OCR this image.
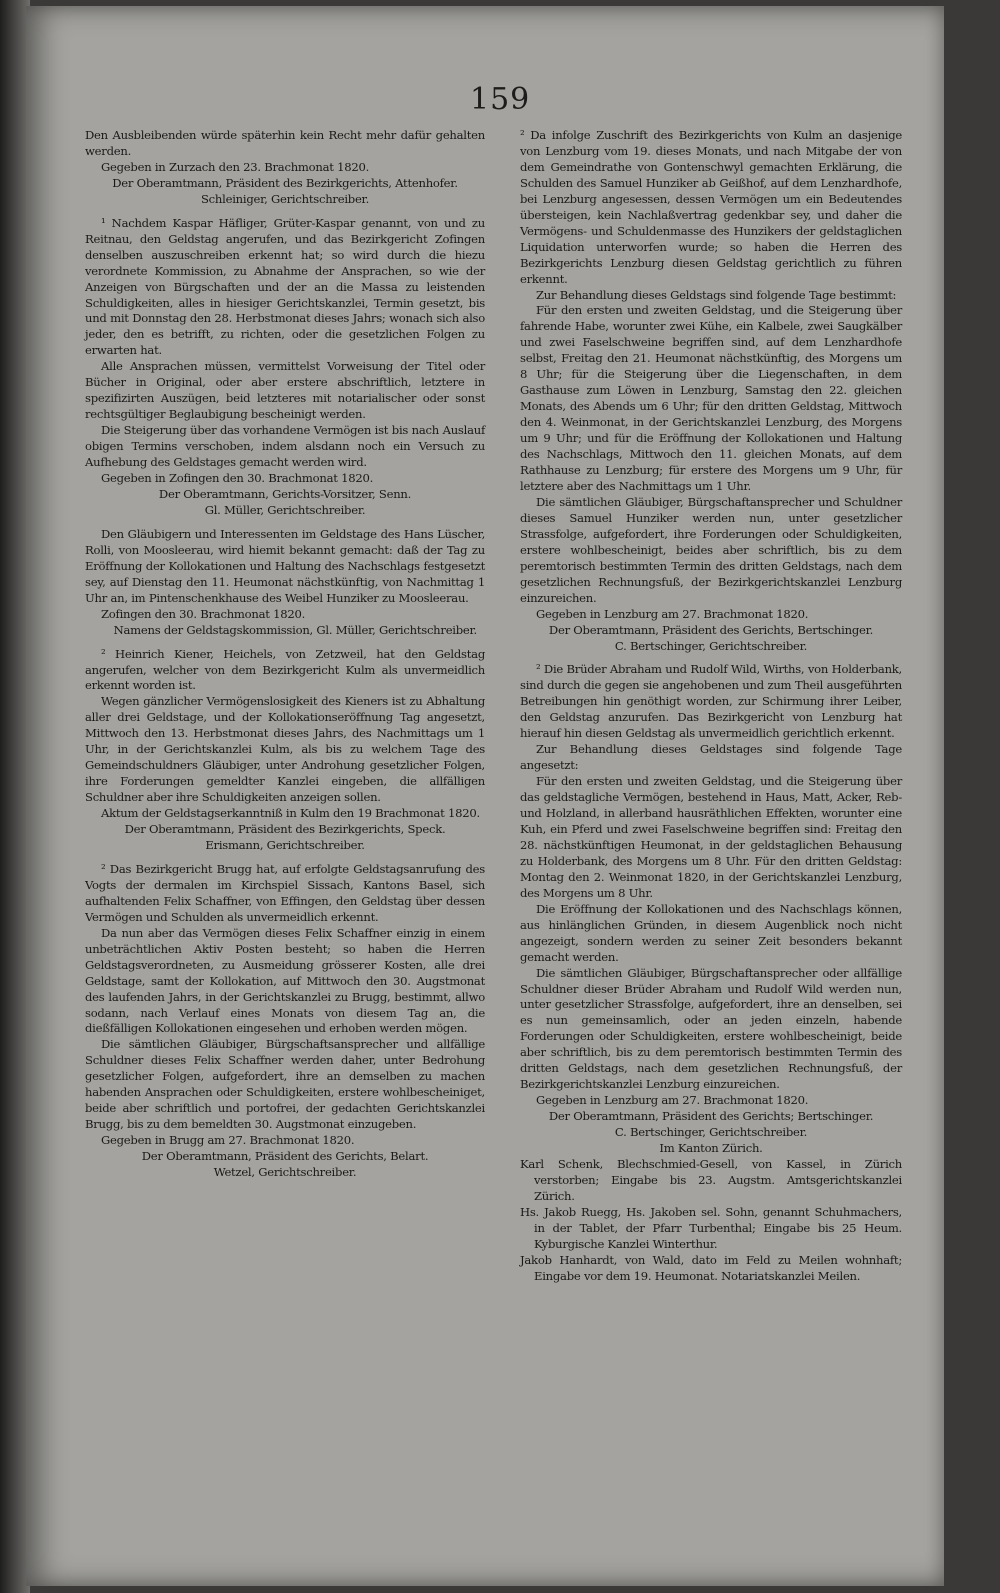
159

Den Ausbleibenden würde späterhin kein Recht mehr dafür gehalten werden.

Gegeben in Zurzach den 23. Brachmonat 1820.

Der Oberamtmann, Präsident des Bezirkgerichts, Attenhofer.

Schleiniger, Gerichtschreiber.

¹ Nachdem Kaspar Häfliger, Grüter-Kaspar genannt, von und zu Reitnau, den Geldstag angerufen, und das Bezirkgericht Zofingen denselben auszuschreiben erkennt hat; so wird durch die hiezu verordnete Kommission, zu Abnahme der Ansprachen, so wie der Anzeigen von Bürgschaften und der an die Massa zu leistenden Schuldigkeiten, alles in hiesiger Gerichtskanzlei, Termin gesetzt, bis und mit Donnstag den 28. Herbstmonat dieses Jahrs; wonach sich also jeder, den es betrifft, zu richten, oder die gesetzlichen Folgen zu erwarten hat.

Alle Ansprachen müssen, vermittelst Vorweisung der Titel oder Bücher in Original, oder aber erstere abschriftlich, letztere in spezifizirten Auszügen, beid letzteres mit notarialischer oder sonst rechtsgültiger Beglaubigung bescheinigt werden.

Die Steigerung über das vorhandene Vermögen ist bis nach Auslauf obigen Termins verschoben, indem alsdann noch ein Versuch zu Aufhebung des Geldstages gemacht werden wird.

Gegeben in Zofingen den 30. Brachmonat 1820.

Der Oberamtmann, Gerichts-Vorsitzer, Senn.

Gl. Müller, Gerichtschreiber.

Den Gläubigern und Interessenten im Geldstage des Hans Lüscher, Rolli, von Moosleerau, wird hiemit bekannt gemacht: daß der Tag zu Eröffnung der Kollokationen und Haltung des Nachschlags festgesetzt sey, auf Dienstag den 11. Heumonat nächstkünftig, von Nachmittag 1 Uhr an, im Pintenschenkhause des Weibel Hunziker zu Moosleerau.

Zofingen den 30. Brachmonat 1820.

Namens der Geldstagskommission, Gl. Müller, Gerichtschreiber.

² Heinrich Kiener, Heichels, von Zetzweil, hat den Geldstag angerufen, welcher von dem Bezirkgericht Kulm als unvermeidlich erkennt worden ist.

Wegen gänzlicher Vermögenslosigkeit des Kieners ist zu Abhaltung aller drei Geldstage, und der Kollokationseröffnung Tag angesetzt, Mittwoch den 13. Herbstmonat dieses Jahrs, des Nachmittags um 1 Uhr, in der Gerichtskanzlei Kulm, als bis zu welchem Tage des Gemeindschuldners Gläubiger, unter Androhung gesetzlicher Folgen, ihre Forderungen gemeldter Kanzlei eingeben, die allfälligen Schuldner aber ihre Schuldigkeiten anzeigen sollen.

Aktum der Geldstagserkanntniß in Kulm den 19 Brachmonat 1820.

Der Oberamtmann, Präsident des Bezirkgerichts, Speck.

Erismann, Gerichtschreiber.

² Das Bezirkgericht Brugg hat, auf erfolgte Geldstagsanrufung des Vogts der dermalen im Kirchspiel Sissach, Kantons Basel, sich aufhaltenden Felix Schaffner, von Effingen, den Geldstag über dessen Vermögen und Schulden als unvermeidlich erkennt.

Da nun aber das Vermögen dieses Felix Schaffner einzig in einem unbeträchtlichen Aktiv Posten besteht; so haben die Herren Geldstagsverordneten, zu Ausmeidung grösserer Kosten, alle drei Geldstage, samt der Kollokation, auf Mittwoch den 30. Augstmonat des laufenden Jahrs, in der Gerichtskanzlei zu Brugg, bestimmt, allwo sodann, nach Verlauf eines Monats von diesem Tag an, die dießfälligen Kollokationen eingesehen und erhoben werden mögen.

Die sämtlichen Gläubiger, Bürgschaftsansprecher und allfällige Schuldner dieses Felix Schaffner werden daher, unter Bedrohung gesetzlicher Folgen, aufgefordert, ihre an demselben zu machen habenden Ansprachen oder Schuldigkeiten, erstere wohlbescheiniget, beide aber schriftlich und portofrei, der gedachten Gerichtskanzlei Brugg, bis zu dem bemeldten 30. Augstmonat einzugeben.

Gegeben in Brugg am 27. Brachmonat 1820.

Der Oberamtmann, Präsident des Gerichts, Belart.

Wetzel, Gerichtschreiber.

² Da infolge Zuschrift des Bezirkgerichts von Kulm an dasjenige von Lenzburg vom 19. dieses Monats, und nach Mitgabe der von dem Gemeindrathe von Gontenschwyl gemachten Erklärung, die Schulden des Samuel Hunziker ab Geißhof, auf dem Lenzhardhofe, bei Lenzburg angesessen, dessen Vermögen um ein Bedeutendes übersteigen, kein Nachlaßvertrag gedenkbar sey, und daher die Vermögens- und Schuldenmasse des Hunzikers der geldstaglichen Liquidation unterworfen wurde; so haben die Herren des Bezirkgerichts Lenzburg diesen Geldstag gerichtlich zu führen erkennt.

Zur Behandlung dieses Geldstags sind folgende Tage bestimmt:

Für den ersten und zweiten Geldstag, und die Steigerung über fahrende Habe, worunter zwei Kühe, ein Kalbele, zwei Saugkälber und zwei Faselschweine begriffen sind, auf dem Lenzhardhofe selbst, Freitag den 21. Heumonat nächstkünftig, des Morgens um 8 Uhr; für die Steigerung über die Liegenschaften, in dem Gasthause zum Löwen in Lenzburg, Samstag den 22. gleichen Monats, des Abends um 6 Uhr; für den dritten Geldstag, Mittwoch den 4. Weinmonat, in der Gerichtskanzlei Lenzburg, des Morgens um 9 Uhr; und für die Eröffnung der Kollokationen und Haltung des Nachschlags, Mittwoch den 11. gleichen Monats, auf dem Rathhause zu Lenzburg; für erstere des Morgens um 9 Uhr, für letztere aber des Nachmittags um 1 Uhr.

Die sämtlichen Gläubiger, Bürgschaftansprecher und Schuldner dieses Samuel Hunziker werden nun, unter gesetzlicher Strassfolge, aufgefordert, ihre Forderungen oder Schuldigkeiten, erstere wohlbescheinigt, beides aber schriftlich, bis zu dem peremtorisch bestimmten Termin des dritten Geldstags, nach dem gesetzlichen Rechnungsfuß, der Bezirkgerichtskanzlei Lenzburg einzureichen.

Gegeben in Lenzburg am 27. Brachmonat 1820.

Der Oberamtmann, Präsident des Gerichts, Bertschinger.

C. Bertschinger, Gerichtschreiber.

² Die Brüder Abraham und Rudolf Wild, Wirths, von Holderbank, sind durch die gegen sie angehobenen und zum Theil ausgeführten Betreibungen hin genöthigt worden, zur Schirmung ihrer Leiber, den Geldstag anzurufen. Das Bezirkgericht von Lenzburg hat hierauf hin diesen Geldstag als unvermeidlich gerichtlich erkennt.

Zur Behandlung dieses Geldstages sind folgende Tage angesetzt:

Für den ersten und zweiten Geldstag, und die Steigerung über das geldstagliche Vermögen, bestehend in Haus, Matt, Acker, Reb- und Holzland, in allerband hausräthlichen Effekten, worunter eine Kuh, ein Pferd und zwei Faselschweine begriffen sind: Freitag den 28. nächstkünftigen Heumonat, in der geldstaglichen Behausung zu Holderbank, des Morgens um 8 Uhr. Für den dritten Geldstag: Montag den 2. Weinmonat 1820, in der Gerichtskanzlei Lenzburg, des Morgens um 8 Uhr.

Die Eröffnung der Kollokationen und des Nachschlags können, aus hinlänglichen Gründen, in diesem Augenblick noch nicht angezeigt, sondern werden zu seiner Zeit besonders bekannt gemacht werden.

Die sämtlichen Gläubiger, Bürgschaftansprecher oder allfällige Schuldner dieser Brüder Abraham und Rudolf Wild werden nun, unter gesetzlicher Strassfolge, aufgefordert, ihre an denselben, sei es nun gemeinsamlich, oder an jeden einzeln, habende Forderungen oder Schuldigkeiten, erstere wohlbescheinigt, beide aber schriftlich, bis zu dem peremtorisch bestimmten Termin des dritten Geldstags, nach dem gesetzlichen Rechnungsfuß, der Bezirkgerichtskanzlei Lenzburg einzureichen.

Gegeben in Lenzburg am 27. Brachmonat 1820.

Der Oberamtmann, Präsident des Gerichts; Bertschinger.

C. Bertschinger, Gerichtschreiber.

Im Kanton Zürich.

Karl Schenk, Blechschmied-Gesell, von Kassel, in Zürich verstorben; Eingabe bis 23. Augstm. Amtsgerichtskanzlei Zürich.

Hs. Jakob Ruegg, Hs. Jakoben sel. Sohn, genannt Schuhmachers, in der Tablet, der Pfarr Turbenthal; Eingabe bis 25 Heum. Kyburgische Kanzlei Winterthur.

Jakob Hanhardt, von Wald, dato im Feld zu Meilen wohnhaft; Eingabe vor dem 19. Heumonat. Notariatskanzlei Meilen.
